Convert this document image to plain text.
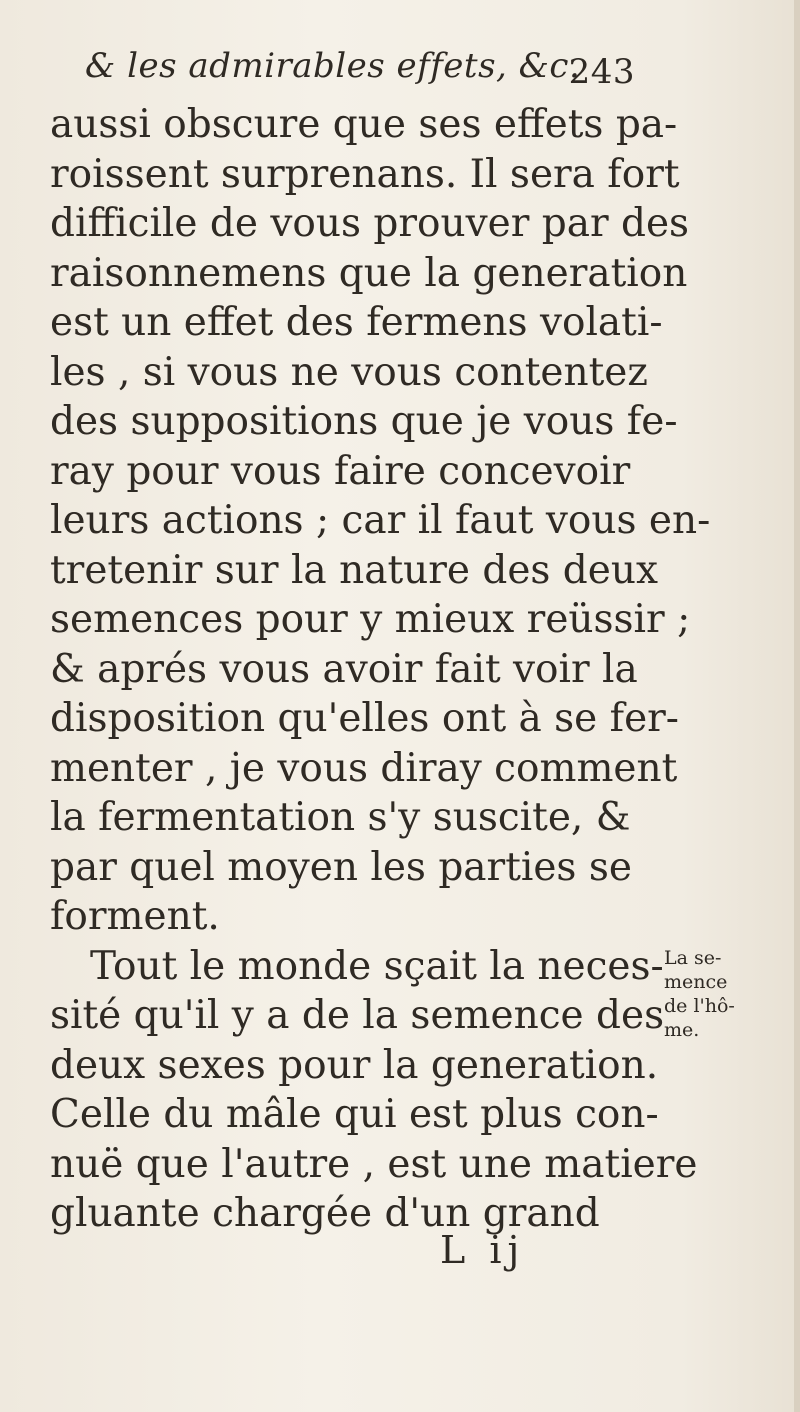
& les admirables effets, &c.
243
aussi obscure que ses effets pa-
roissent surprenans. Il sera fort
difficile de vous prouver par des
raisonnemens que la generation
est un effet des fermens volati-
les , si vous ne vous contentez
des suppositions que je vous fe-
ray pour vous faire concevoir
leurs actions ; car il faut vous en-
tretenir sur la nature des deux
semences pour y mieux reüssir ;
& aprés vous avoir fait voir la
disposition qu'elles ont à se fer-
menter , je vous diray comment
la fermentation s'y suscite, &
par quel moyen les parties se
forment.
Tout le monde sçait la neces-
sité qu'il y a de la semence des
deux sexes pour la generation.
Celle du mâle qui est plus con-
nuë que l'autre , est une matiere
gluante chargée d'un grand
La se-
mence
de l'hô-
me.
L ij
